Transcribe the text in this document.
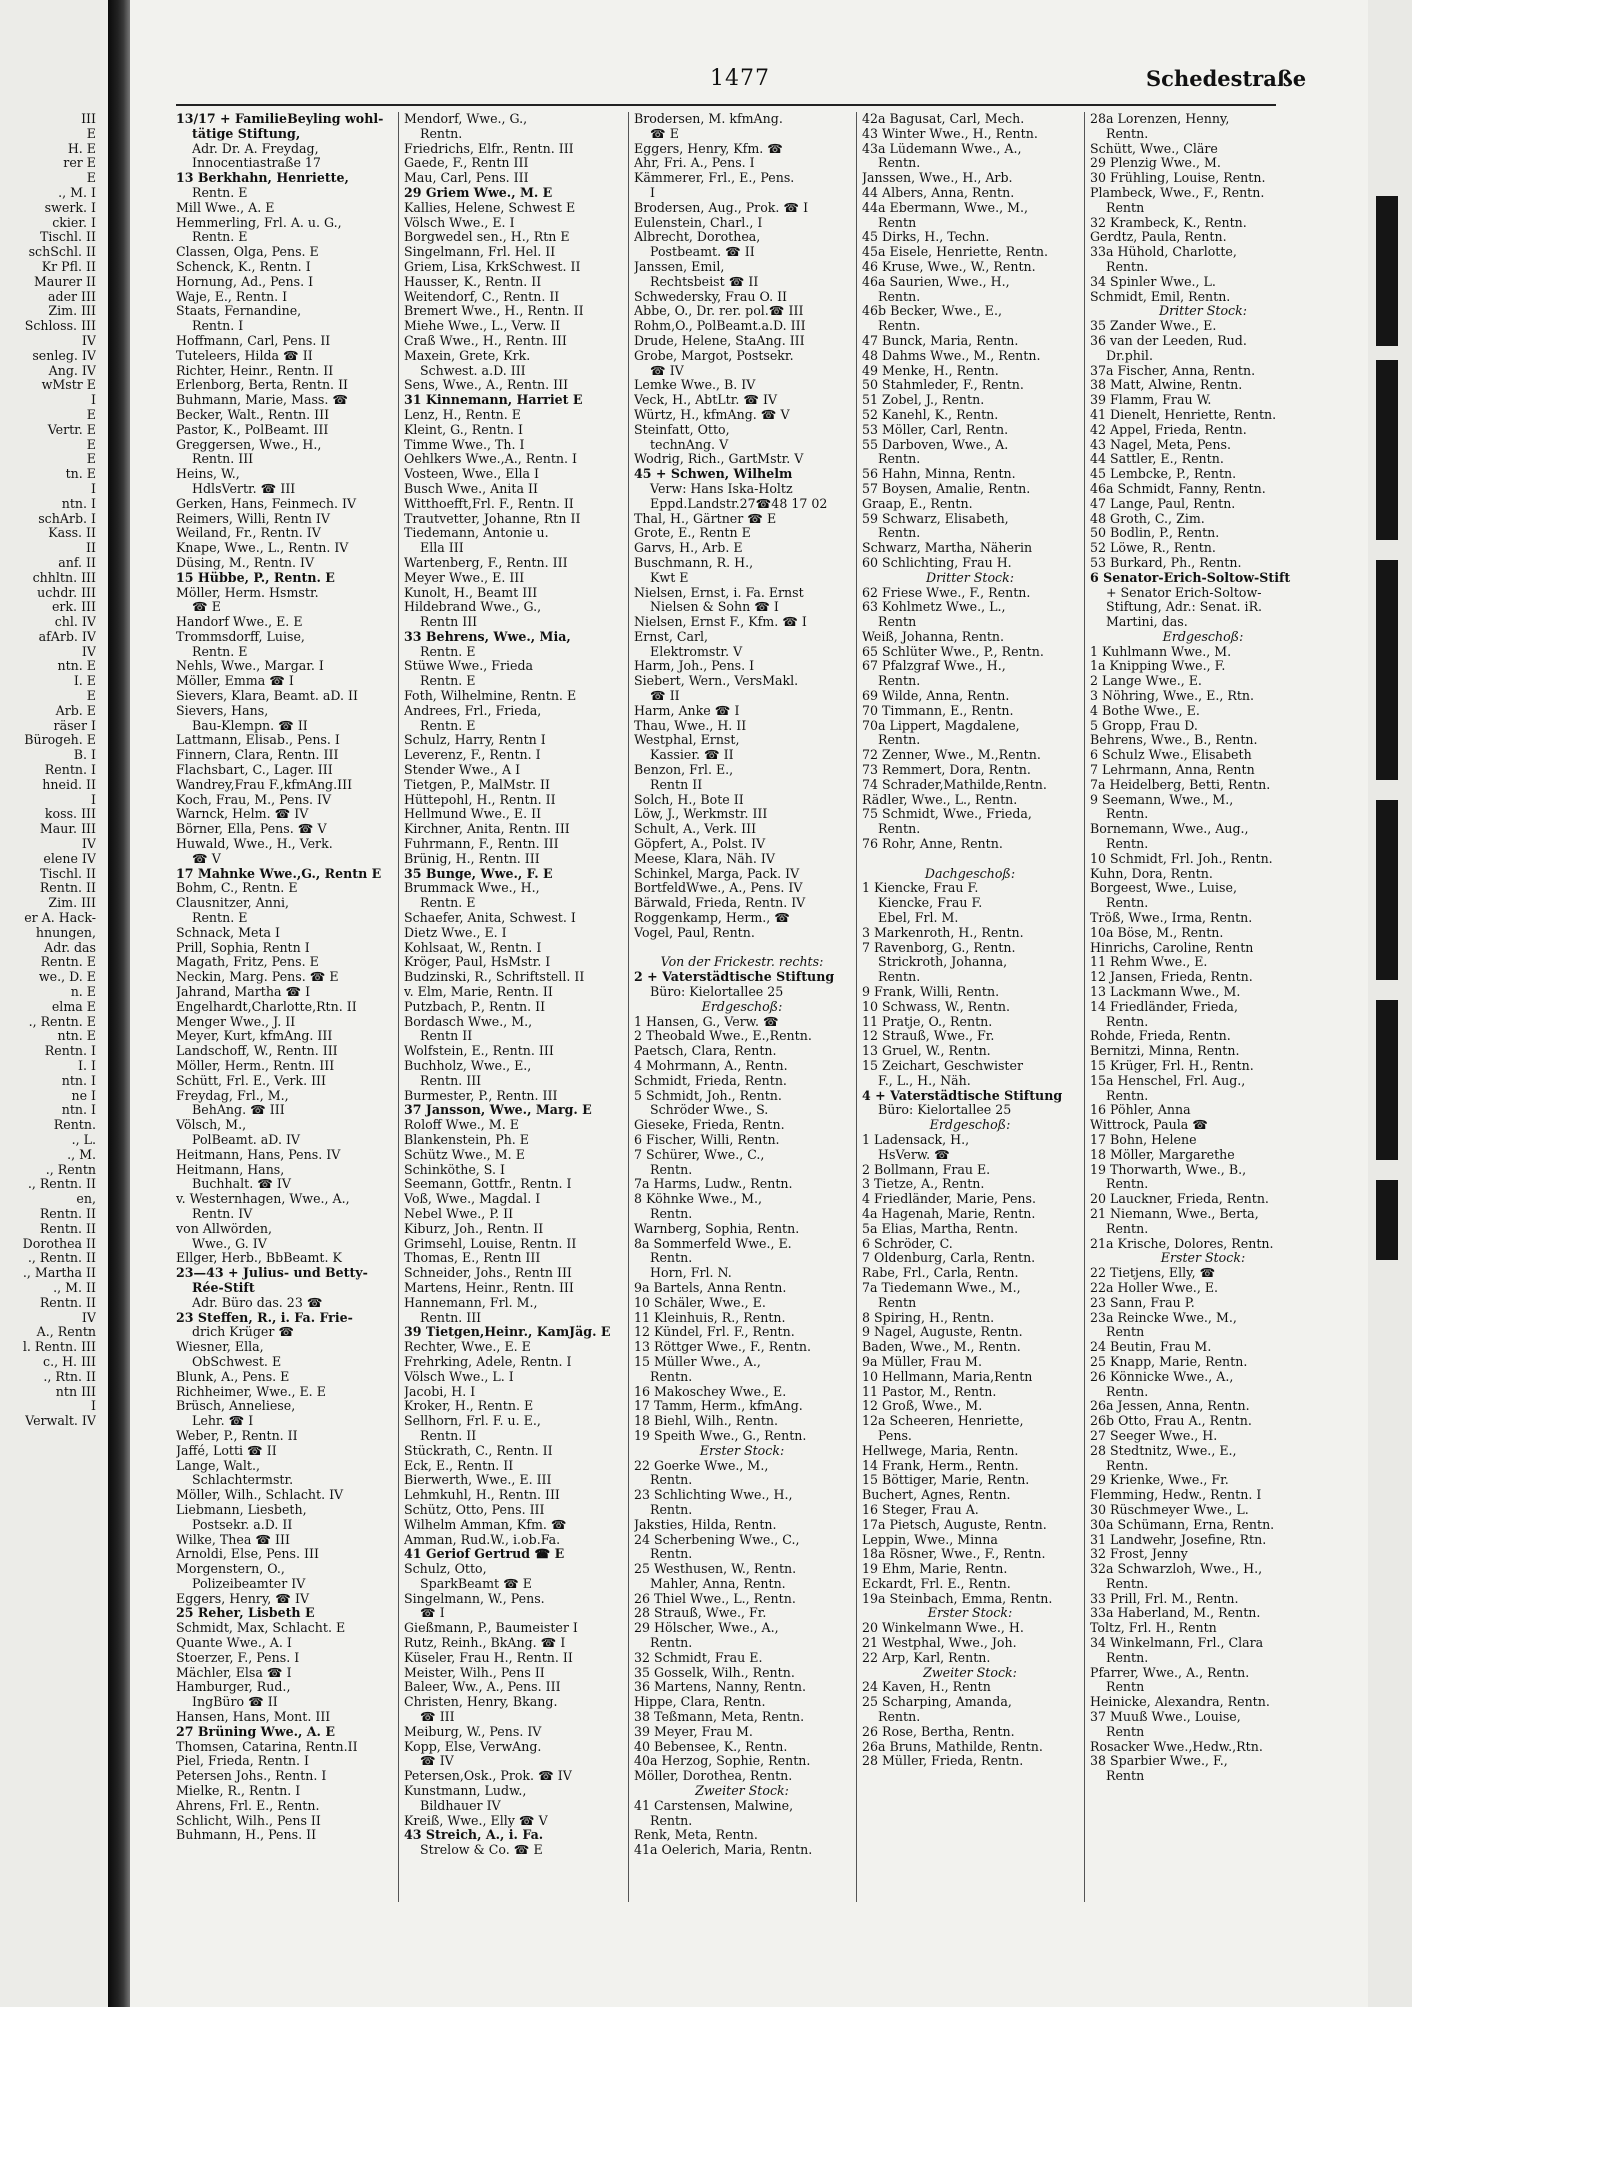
III
E
H. E
rer E
E
., M. I
swerk. I
ckier. I
Tischl. II
schSchl. II
Kr Pfl. II
Maurer II
ader III
Zim. III
Schloss. III
IV
senleg. IV
Ang. IV
wMstr E
I
E
Vertr. E
E
E
tn. E
I
ntn. I
schArb. I
Kass. II
II
anf. II
chhltn. III
uchdr. III
erk. III
chl. IV
afArb. IV
IV
ntn. E
I. E
E
Arb. E
räser I
Bürogeh. E
B. I
Rentn. I
hneid. II
I
koss. III
Maur. III
IV
elene IV
Tischl. II
Rentn. II
Zim. III
er A. Hack-
hnungen,
Adr. das
Rentn. E
we., D. E
n. E
elma E
., Rentn. E
ntn. E
Rentn. I
I. I
ntn. I
ne I
ntn. I
Rentn.
., L.
., M.
., Rentn
., Rentn. II
en,
Rentn. II
Rentn. II
Dorothea II
., Rentn. II
., Martha II
., M. II
Rentn. II
IV
A., Rentn
l. Rentn. III
c., H. III
., Rtn. II
ntn III
I
Verwalt. IV
1477	Schedestraße
13/17 + FamilieBeyling wohl-
tätige Stiftung,
Adr. Dr. A. Freydag,
Innocentiastraße 17
13 Berkhahn, Henriette,
Rentn. E
Mill Wwe., A. E
Hemmerling, Frl. A. u. G.,
Rentn. E
Classen, Olga, Pens. E
Schenck, K., Rentn. I
Hornung, Ad., Pens. I
Waje, E., Rentn. I
Staats, Fernandine,
Rentn. I
Hoffmann, Carl, Pens. II
Tuteleers, Hilda ☎ II
Richter, Heinr., Rentn. II
Erlenborg, Berta, Rentn. II
Buhmann, Marie, Mass. ☎
Becker, Walt., Rentn. III
Pastor, K., PolBeamt. III
Greggersen, Wwe., H.,
Rentn. III
Heins, W.,
HdlsVertr. ☎ III
Gerken, Hans, Feinmech. IV
Reimers, Willi, Rentn IV
Weiland, Fr., Rentn. IV
Knape, Wwe., L., Rentn. IV
Düsing, M., Rentn. IV
15 Hübbe, P., Rentn. E
Möller, Herm. Hsmstr.
☎ E
Handorf Wwe., E. E
Trommsdorff, Luise,
Rentn. E
Nehls, Wwe., Margar. I
Möller, Emma ☎ I
Sievers, Klara, Beamt. aD. II
Sievers, Hans,
Bau-Klempn. ☎ II
Lattmann, Elisab., Pens. I
Finnern, Clara, Rentn. III
Flachsbart, C., Lager. III
Wandrey,Frau F.,kfmAng.III
Koch, Frau, M., Pens. IV
Warnck, Helm. ☎ IV
Börner, Ella, Pens. ☎ V
Huwald, Wwe., H., Verk.
☎ V
17 Mahnke Wwe.,G., Rentn E
Bohm, C., Rentn. E
Clausnitzer, Anni,
Rentn. E
Schnack, Meta I
Prill, Sophia, Rentn I
Magath, Fritz, Pens. E
Neckin, Marg. Pens. ☎ E
Jahrand, Martha ☎ I
Engelhardt,Charlotte,Rtn. II
Menger Wwe., J. II
Meyer, Kurt, kfmAng. III
Landschoff, W., Rentn. III
Möller, Herm., Rentn. III
Schütt, Frl. E., Verk. III
Freydag, Frl., M.,
BehAng. ☎ III
Völsch, M.,
PolBeamt. aD. IV
Heitmann, Hans, Pens. IV
Heitmann, Hans,
Buchhalt. ☎ IV
v. Westernhagen, Wwe., A.,
Rentn. IV
von Allwörden,
Wwe., G. IV
Ellger, Herb., BbBeamt. K
23—43 + Julius- und Betty-
Rée-Stift
Adr. Büro das. 23 ☎
23 Steffen, R., i. Fa. Frie-
drich Krüger ☎
Wiesner, Ella,
ObSchwest. E
Blunk, A., Pens. E
Richheimer, Wwe., E. E
Brüsch, Anneliese,
Lehr. ☎ I
Weber, P., Rentn. II
Jaffé, Lotti ☎ II
Lange, Walt.,
Schlachtermstr.
Möller, Wilh., Schlacht. IV
Liebmann, Liesbeth,
Postsekr. a.D. II
Wilke, Thea ☎ III
Arnoldi, Else, Pens. III
Morgenstern, O.,
Polizeibeamter IV
Eggers, Henry, ☎ IV
25 Reher, Lisbeth E
Schmidt, Max, Schlacht. E
Quante Wwe., A. I
Stoerzer, F., Pens. I
Mächler, Elsa ☎ I
Hamburger, Rud.,
IngBüro ☎ II
Hansen, Hans, Mont. III
27 Brüning Wwe., A. E
Thomsen, Catarina, Rentn.II
Piel, Frieda, Rentn. I
Petersen Johs., Rentn. I
Mielke, R., Rentn. I
Ahrens, Frl. E., Rentn.
Schlicht, Wilh., Pens II
Buhmann, H., Pens. II
Mendorf, Wwe., G.,
Rentn.
Friedrichs, Elfr., Rentn. III
Gaede, F., Rentn III
Mau, Carl, Pens. III
29 Griem Wwe., M. E
Kallies, Helene, Schwest E
Völsch Wwe., E. I
Borgwedel sen., H., Rtn E
Singelmann, Frl. Hel. II
Griem, Lisa, KrkSchwest. II
Hausser, K., Rentn. II
Weitendorf, C., Rentn. II
Bremert Wwe., H., Rentn. II
Miehe Wwe., L., Verw. II
Craß Wwe., H., Rentn. III
Maxein, Grete, Krk.
Schwest. a.D. III
Sens, Wwe., A., Rentn. III
31 Kinnemann, Harriet E
Lenz, H., Rentn. E
Kleint, G., Rentn. I
Timme Wwe., Th. I
Oehlkers Wwe.,A., Rentn. I
Vosteen, Wwe., Ella I
Busch Wwe., Anita II
Witthoefft,Frl. F., Rentn. II
Trautvetter, Johanne, Rtn II
Tiedemann, Antonie u.
Ella III
Wartenberg, F., Rentn. III
Meyer Wwe., E. III
Kunolt, H., Beamt III
Hildebrand Wwe., G.,
Rentn III
33 Behrens, Wwe., Mia,
Rentn. E
Stüwe Wwe., Frieda
Rentn. E
Foth, Wilhelmine, Rentn. E
Andrees, Frl., Frieda,
Rentn. E
Schulz, Harry, Rentn I
Leverenz, F., Rentn. I
Stender Wwe., A I
Tietgen, P., MalMstr. II
Hüttepohl, H., Rentn. II
Hellmund Wwe., E. II
Kirchner, Anita, Rentn. III
Fuhrmann, F., Rentn. III
Brünig, H., Rentn. III
35 Bunge, Wwe., F. E
Brummack Wwe., H.,
Rentn. E
Schaefer, Anita, Schwest. I
Dietz Wwe., E. I
Kohlsaat, W., Rentn. I
Kröger, Paul, HsMstr. I
Budzinski, R., Schriftstell. II
v. Elm, Marie, Rentn. II
Putzbach, P., Rentn. II
Bordasch Wwe., M.,
Rentn II
Wolfstein, E., Rentn. III
Buchholz, Wwe., E.,
Rentn. III
Burmester, P., Rentn. III
37 Jansson, Wwe., Marg. E
Roloff Wwe., M. E
Blankenstein, Ph. E
Schütz Wwe., M. E
Schinköthe, S. I
Seemann, Gottfr., Rentn. I
Voß, Wwe., Magdal. I
Nebel Wwe., P. II
Kiburz, Joh., Rentn. II
Grimsehl, Louise, Rentn. II
Thomas, E., Rentn III
Schneider, Johs., Rentn III
Martens, Heinr., Rentn. III
Hannemann, Frl. M.,
Rentn. III
39 Tietgen,Heinr., KamJäg. E
Rechter, Wwe., E. E
Frehrking, Adele, Rentn. I
Völsch Wwe., L. I
Jacobi, H. I
Kroker, H., Rentn. E
Sellhorn, Frl. F. u. E.,
Rentn. II
Stückrath, C., Rentn. II
Eck, E., Rentn. II
Bierwerth, Wwe., E. III
Lehmkuhl, H., Rentn. III
Schütz, Otto, Pens. III
Wilhelm Amman, Kfm. ☎
Amman, Rud.W., i.ob.Fa.
41 Geriof Gertrud ☎ E
Schulz, Otto,
SparkBeamt ☎ E
Singelmann, W., Pens.
☎ I
Gießmann, P., Baumeister I
Rutz, Reinh., BkAng. ☎ I
Küseler, Frau H., Rentn. II
Meister, Wilh., Pens II
Baleer, Ww., A., Pens. III
Christen, Henry, Bkang.
☎ III
Meiburg, W., Pens. IV
Kopp, Else, VerwAng.
☎ IV
Petersen,Osk., Prok. ☎ IV
Kunstmann, Ludw.,
Bildhauer IV
Kreiß, Wwe., Elly ☎ V
43 Streich, A., i. Fa.
Strelow & Co. ☎ E
Brodersen, M. kfmAng.
☎ E
Eggers, Henry, Kfm. ☎
Ahr, Fri. A., Pens. I
Kämmerer, Frl., E., Pens.
I
Brodersen, Aug., Prok. ☎ I
Eulenstein, Charl., I
Albrecht, Dorothea,
Postbeamt. ☎ II
Janssen, Emil,
Rechtsbeist ☎ II
Schwedersky, Frau O. II
Abbe, O., Dr. rer. pol.☎ III
Rohm,O., PolBeamt.a.D. III
Drude, Helene, StaAng. III
Grobe, Margot, Postsekr.
☎ IV
Lemke Wwe., B. IV
Veck, H., AbtLtr. ☎ IV
Würtz, H., kfmAng. ☎ V
Steinfatt, Otto,
technAng. V
Wodrig, Rich., GartMstr. V
45 + Schwen, Wilhelm
Verw: Hans Iska-Holtz
Eppd.Landstr.27☎48 17 02
Thal, H., Gärtner ☎ E
Grote, E., Rentn E
Garvs, H., Arb. E
Buschmann, R. H.,
Kwt E
Nielsen, Ernst, i. Fa. Ernst
Nielsen & Sohn ☎ I
Nielsen, Ernst F., Kfm. ☎ I
Ernst, Carl,
Elektromstr. V
Harm, Joh., Pens. I
Siebert, Wern., VersMakl.
☎ II
Harm, Anke ☎ I
Thau, Wwe., H. II
Westphal, Ernst,
Kassier. ☎ II
Benzon, Frl. E.,
Rentn II
Solch, H., Bote II
Löw, J., Werkmstr. III
Schult, A., Verk. III
Göpfert, A., Polst. IV
Meese, Klara, Näh. IV
Schinkel, Marga, Pack. IV
BortfeldWwe., A., Pens. IV
Bärwald, Frieda, Rentn. IV
Roggenkamp, Herm., ☎
Vogel, Paul, Rentn.

Von der Frickestr. rechts:
2 + Vaterstädtische Stiftung
Büro: Kielortallee 25
Erdgeschoß:
1 Hansen, G., Verw. ☎
2 Theobald Wwe., E.,Rentn.
Paetsch, Clara, Rentn.
4 Mohrmann, A., Rentn.
Schmidt, Frieda, Rentn.
5 Schmidt, Joh., Rentn.
Schröder Wwe., S.
Gieseke, Frieda, Rentn.
6 Fischer, Willi, Rentn.
7 Schürer, Wwe., C.,
Rentn.
7a Harms, Ludw., Rentn.
8 Köhnke Wwe., M.,
Rentn.
Warnberg, Sophia, Rentn.
8a Sommerfeld Wwe., E.
Rentn.
Horn, Frl. N.
9a Bartels, Anna Rentn.
10 Schäler, Wwe., E.
11 Kleinhuis, R., Rentn.
12 Kündel, Frl. F., Rentn.
13 Röttger Wwe., F., Rentn.
15 Müller Wwe., A.,
Rentn.
16 Makoschey Wwe., E.
17 Tamm, Herm., kfmAng.
18 Biehl, Wilh., Rentn.
19 Speith Wwe., G., Rentn.
Erster Stock:
22 Goerke Wwe., M.,
Rentn.
23 Schlichting Wwe., H.,
Rentn.
Jaksties, Hilda, Rentn.
24 Scherbening Wwe., C.,
Rentn.
25 Westhusen, W., Rentn.
Mahler, Anna, Rentn.
26 Thiel Wwe., L., Rentn.
28 Strauß, Wwe., Fr.
29 Hölscher, Wwe., A.,
Rentn.
32 Schmidt, Frau E.
35 Gosselk, Wilh., Rentn.
36 Martens, Nanny, Rentn.
Hippe, Clara, Rentn.
38 Teßmann, Meta, Rentn.
39 Meyer, Frau M.
40 Bebensee, K., Rentn.
40a Herzog, Sophie, Rentn.
Möller, Dorothea, Rentn.
Zweiter Stock:
41 Carstensen, Malwine,
Rentn.
Renk, Meta, Rentn.
41a Oelerich, Maria, Rentn.
42a Bagusat, Carl, Mech.
43 Winter Wwe., H., Rentn.
43a Lüdemann Wwe., A.,
Rentn.
Janssen, Wwe., H., Arb.
44 Albers, Anna, Rentn.
44a Ebermann, Wwe., M.,
Rentn
45 Dirks, H., Techn.
45a Eisele, Henriette, Rentn.
46 Kruse, Wwe., W., Rentn.
46a Saurien, Wwe., H.,
Rentn.
46b Becker, Wwe., E.,
Rentn.
47 Bunck, Maria, Rentn.
48 Dahms Wwe., M., Rentn.
49 Menke, H., Rentn.
50 Stahmleder, F., Rentn.
51 Zobel, J., Rentn.
52 Kanehl, K., Rentn.
53 Möller, Carl, Rentn.
55 Darboven, Wwe., A.
Rentn.
56 Hahn, Minna, Rentn.
57 Boysen, Amalie, Rentn.
Graap, E., Rentn.
59 Schwarz, Elisabeth,
Rentn.
Schwarz, Martha, Näherin
60 Schlichting, Frau H.
Dritter Stock:
62 Friese Wwe., F., Rentn.
63 Kohlmetz Wwe., L.,
Rentn
Weiß, Johanna, Rentn.
65 Schlüter Wwe., P., Rentn.
67 Pfalzgraf Wwe., H.,
Rentn.
69 Wilde, Anna, Rentn.
70 Timmann, E., Rentn.
70a Lippert, Magdalene,
Rentn.
72 Zenner, Wwe., M.,Rentn.
73 Remmert, Dora, Rentn.
74 Schrader,Mathilde,Rentn.
Rädler, Wwe., L., Rentn.
75 Schmidt, Wwe., Frieda,
Rentn.
76 Rohr, Anne, Rentn.

Dachgeschoß:
1 Kiencke, Frau F.
Kiencke, Frau F.
Ebel, Frl. M.
3 Markenroth, H., Rentn.
7 Ravenborg, G., Rentn.
Strickroth, Johanna,
Rentn.
9 Frank, Willi, Rentn.
10 Schwass, W., Rentn.
11 Pratje, O., Rentn.
12 Strauß, Wwe., Fr.
13 Gruel, W., Rentn.
15 Zeichart, Geschwister
F., L., H., Näh.
4 + Vaterstädtische Stiftung
Büro: Kielortallee 25
Erdgeschoß:
1 Ladensack, H.,
HsVerw. ☎
2 Bollmann, Frau E.
3 Tietze, A., Rentn.
4 Friedländer, Marie, Pens.
4a Hagenah, Marie, Rentn.
5a Elias, Martha, Rentn.
6 Schröder, C.
7 Oldenburg, Carla, Rentn.
Rabe, Frl., Carla, Rentn.
7a Tiedemann Wwe., M.,
Rentn
8 Spiring, H., Rentn.
9 Nagel, Auguste, Rentn.
Baden, Wwe., M., Rentn.
9a Müller, Frau M.
10 Hellmann, Maria,Rentn
11 Pastor, M., Rentn.
12 Groß, Wwe., M.
12a Scheeren, Henriette,
Pens.
Hellwege, Maria, Rentn.
14 Frank, Herm., Rentn.
15 Böttiger, Marie, Rentn.
Buchert, Agnes, Rentn.
16 Steger, Frau A.
17a Pietsch, Auguste, Rentn.
Leppin, Wwe., Minna
18a Rösner, Wwe., F., Rentn.
19 Ehm, Marie, Rentn.
Eckardt, Frl. E., Rentn.
19a Steinbach, Emma, Rentn.
Erster Stock:
20 Winkelmann Wwe., H.
21 Westphal, Wwe., Joh.
22 Arp, Karl, Rentn.
Zweiter Stock:
24 Kaven, H., Rentn
25 Scharping, Amanda,
Rentn.
26 Rose, Bertha, Rentn.
26a Bruns, Mathilde, Rentn.
28 Müller, Frieda, Rentn.
28a Lorenzen, Henny,
Rentn.
Schütt, Wwe., Cläre
29 Plenzig Wwe., M.
30 Frühling, Louise, Rentn.
Plambeck, Wwe., F., Rentn.
Rentn
32 Krambeck, K., Rentn.
Gerdtz, Paula, Rentn.
33a Hühold, Charlotte,
Rentn.
34 Spinler Wwe., L.
Schmidt, Emil, Rentn.
Dritter Stock:
35 Zander Wwe., E.
36 van der Leeden, Rud.
Dr.phil.
37a Fischer, Anna, Rentn.
38 Matt, Alwine, Rentn.
39 Flamm, Frau W.
41 Dienelt, Henriette, Rentn.
42 Appel, Frieda, Rentn.
43 Nagel, Meta, Pens.
44 Sattler, E., Rentn.
45 Lembcke, P., Rentn.
46a Schmidt, Fanny, Rentn.
47 Lange, Paul, Rentn.
48 Groth, C., Zim.
50 Bodlin, P., Rentn.
52 Löwe, R., Rentn.
53 Burkard, Ph., Rentn.
6 Senator-Erich-Soltow-Stift
+ Senator Erich-Soltow-
Stiftung, Adr.: Senat. iR.
Martini, das.
Erdgeschoß:
1 Kuhlmann Wwe., M.
1a Knipping Wwe., F.
2 Lange Wwe., E.
3 Nöhring, Wwe., E., Rtn.
4 Bothe Wwe., E.
5 Gropp, Frau D.
Behrens, Wwe., B., Rentn.
6 Schulz Wwe., Elisabeth
7 Lehrmann, Anna, Rentn
7a Heidelberg, Betti, Rentn.
9 Seemann, Wwe., M.,
Rentn.
Bornemann, Wwe., Aug.,
Rentn.
10 Schmidt, Frl. Joh., Rentn.
Kuhn, Dora, Rentn.
Borgeest, Wwe., Luise,
Rentn.
Tröß, Wwe., Irma, Rentn.
10a Böse, M., Rentn.
Hinrichs, Caroline, Rentn
11 Rehm Wwe., E.
12 Jansen, Frieda, Rentn.
13 Lackmann Wwe., M.
14 Friedländer, Frieda,
Rentn.
Rohde, Frieda, Rentn.
Bernitzi, Minna, Rentn.
15 Krüger, Frl. H., Rentn.
15a Henschel, Frl. Aug.,
Rentn.
16 Pöhler, Anna
Wittrock, Paula ☎
17 Bohn, Helene
18 Möller, Margarethe
19 Thorwarth, Wwe., B.,
Rentn.
20 Lauckner, Frieda, Rentn.
21 Niemann, Wwe., Berta,
Rentn.
21a Krische, Dolores, Rentn.
Erster Stock:
22 Tietjens, Elly, ☎
22a Holler Wwe., E.
23 Sann, Frau P.
23a Reincke Wwe., M.,
Rentn
24 Beutin, Frau M.
25 Knapp, Marie, Rentn.
26 Könnicke Wwe., A.,
Rentn.
26a Jessen, Anna, Rentn.
26b Otto, Frau A., Rentn.
27 Seeger Wwe., H.
28 Stedtnitz, Wwe., E.,
Rentn.
29 Krienke, Wwe., Fr.
Flemming, Hedw., Rentn. I
30 Rüschmeyer Wwe., L.
30a Schümann, Erna, Rentn.
31 Landwehr, Josefine, Rtn.
32 Frost, Jenny
32a Schwarzloh, Wwe., H.,
Rentn.
33 Prill, Frl. M., Rentn.
33a Haberland, M., Rentn.
Toltz, Frl. H., Rentn
34 Winkelmann, Frl., Clara
Rentn.
Pfarrer, Wwe., A., Rentn.
Rentn
Heinicke, Alexandra, Rentn.
37 Muuß Wwe., Louise,
Rentn
Rosacker Wwe.,Hedw.,Rtn.
38 Sparbier Wwe., F.,
Rentn
